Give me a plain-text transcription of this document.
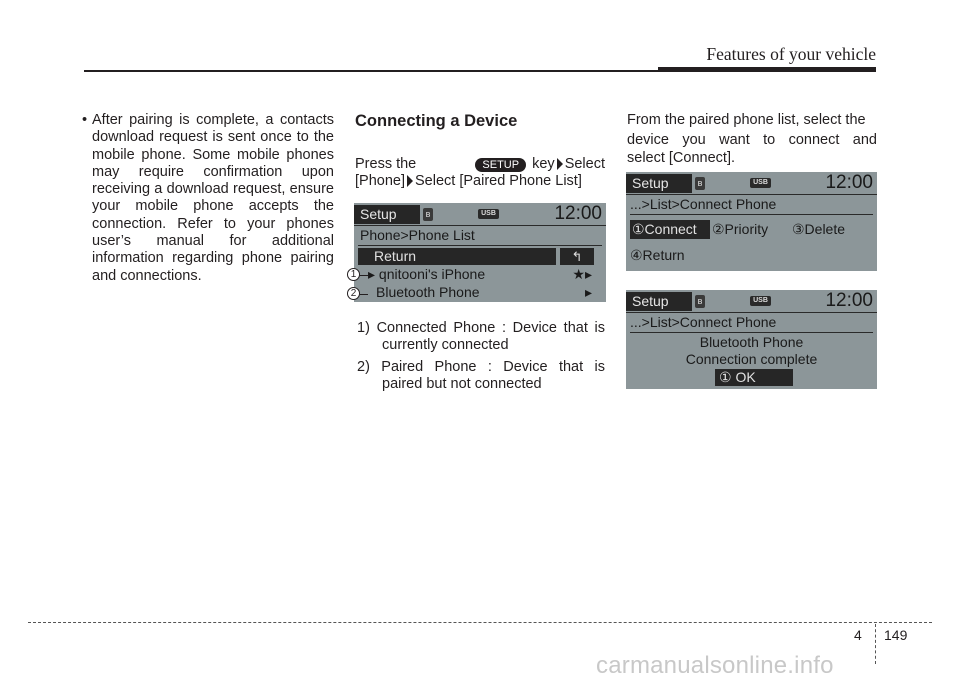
Features of your vehicle
• After pairing is complete, a contacts download request is sent once to the mobile phone. Some mobile phones may require confirmation upon receiving a download request, ensure your mobile phone accepts the connection. Refer to your phones user’s manual for additional information regarding phone pairing and connections.

Connecting a Device
Press the	SETUP key Select
[Phone] Select [Paired Phone List]
Setup	ʙ	USB	12:00
Phone>Phone List
Return	↰
▸ qnitooni's iPhone	★▸
Bluetooth Phone	▸
1
2

1) Connected Phone : Device that is currently connected

2) Paired Phone : Device that is paired but not connected

From the paired phone list, select the
device you want to connect and
select [Connect].
Setup	ʙ	USB	12:00
...>List>Connect Phone
①Connect	②Priority ③Delete
④Return
Setup	ʙ	USB	12:00
...>List>Connect Phone
Bluetooth Phone
Connection complete
① OK
4 149
carmanualsonline.info
